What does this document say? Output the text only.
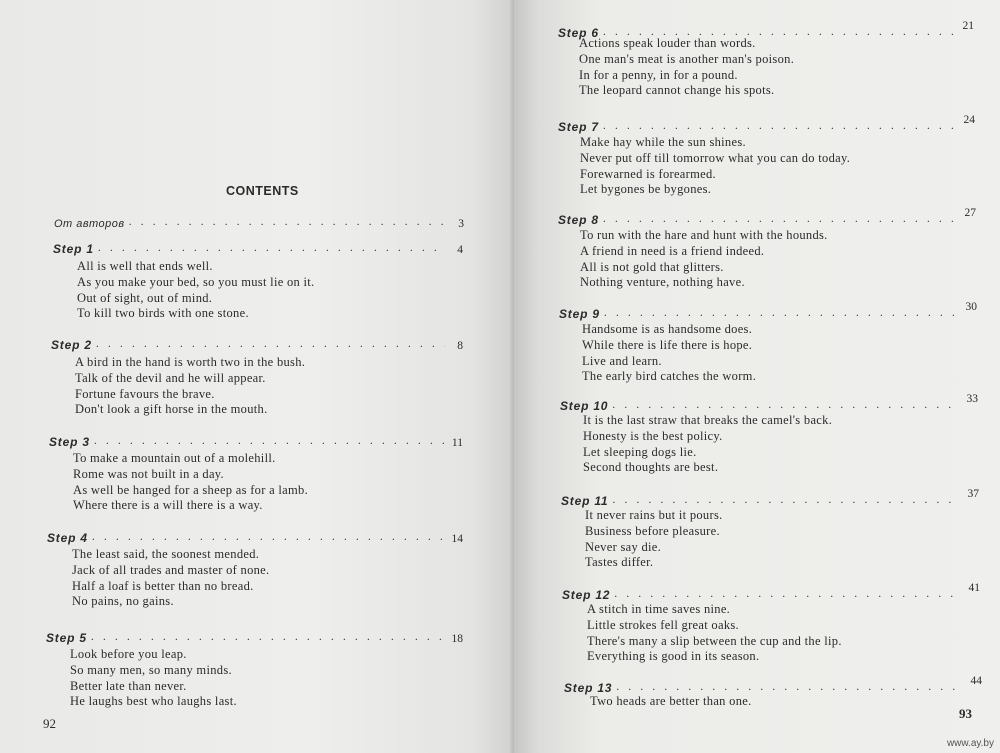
CONTENTS
От авторов . . .	3
Step 1 . . .	4
All is well that ends well.
As you make your bed, so you must lie on it.
Out of sight, out of mind.
To kill two birds with one stone.
Step 2 . . .	8
A bird in the hand is worth two in the bush.
Talk of the devil and he will appear.
Fortune favours the brave.
Don't look a gift horse in the mouth.
Step 3 . . .	11
To make a mountain out of a molehill.
Rome was not built in a day.
As well be hanged for a sheep as for a lamb.
Where there is a will there is a way.
Step 4 . . .	14
The least said, the soonest mended.
Jack of all trades and master of none.
Half a loaf is better than no bread.
No pains, no gains.
Step 5 . . .	18
Look before you leap.
So many men, so many minds.
Better late than never.
He laughs best who laughs last.
92
Step 6 . . .	21
Actions speak louder than words.
One man's meat is another man's poison.
In for a penny, in for a pound.
The leopard cannot change his spots.
Step 7 . . .	24
Make hay while the sun shines.
Never put off till tomorrow what you can do today.
Forewarned is forearmed.
Let bygones be bygones.
Step 8 . . .	27
To run with the hare and hunt with the hounds.
A friend in need is a friend indeed.
All is not gold that glitters.
Nothing venture, nothing have.
Step 9 . . .	30
Handsome is as handsome does.
While there is life there is hope.
Live and learn.
The early bird catches the worm.
Step 10 . . .	33
It is the last straw that breaks the camel's back.
Honesty is the best policy.
Let sleeping dogs lie.
Second thoughts are best.
Step 11 . . .	37
It never rains but it pours.
Business before pleasure.
Never say die.
Tastes differ.
Step 12 . . .	41
A stitch in time saves nine.
Little strokes fell great oaks.
There's many a slip between the cup and the lip.
Everything is good in its season.
Step 13 . . .	44
Two heads are better than one.
93
www.ay.by
